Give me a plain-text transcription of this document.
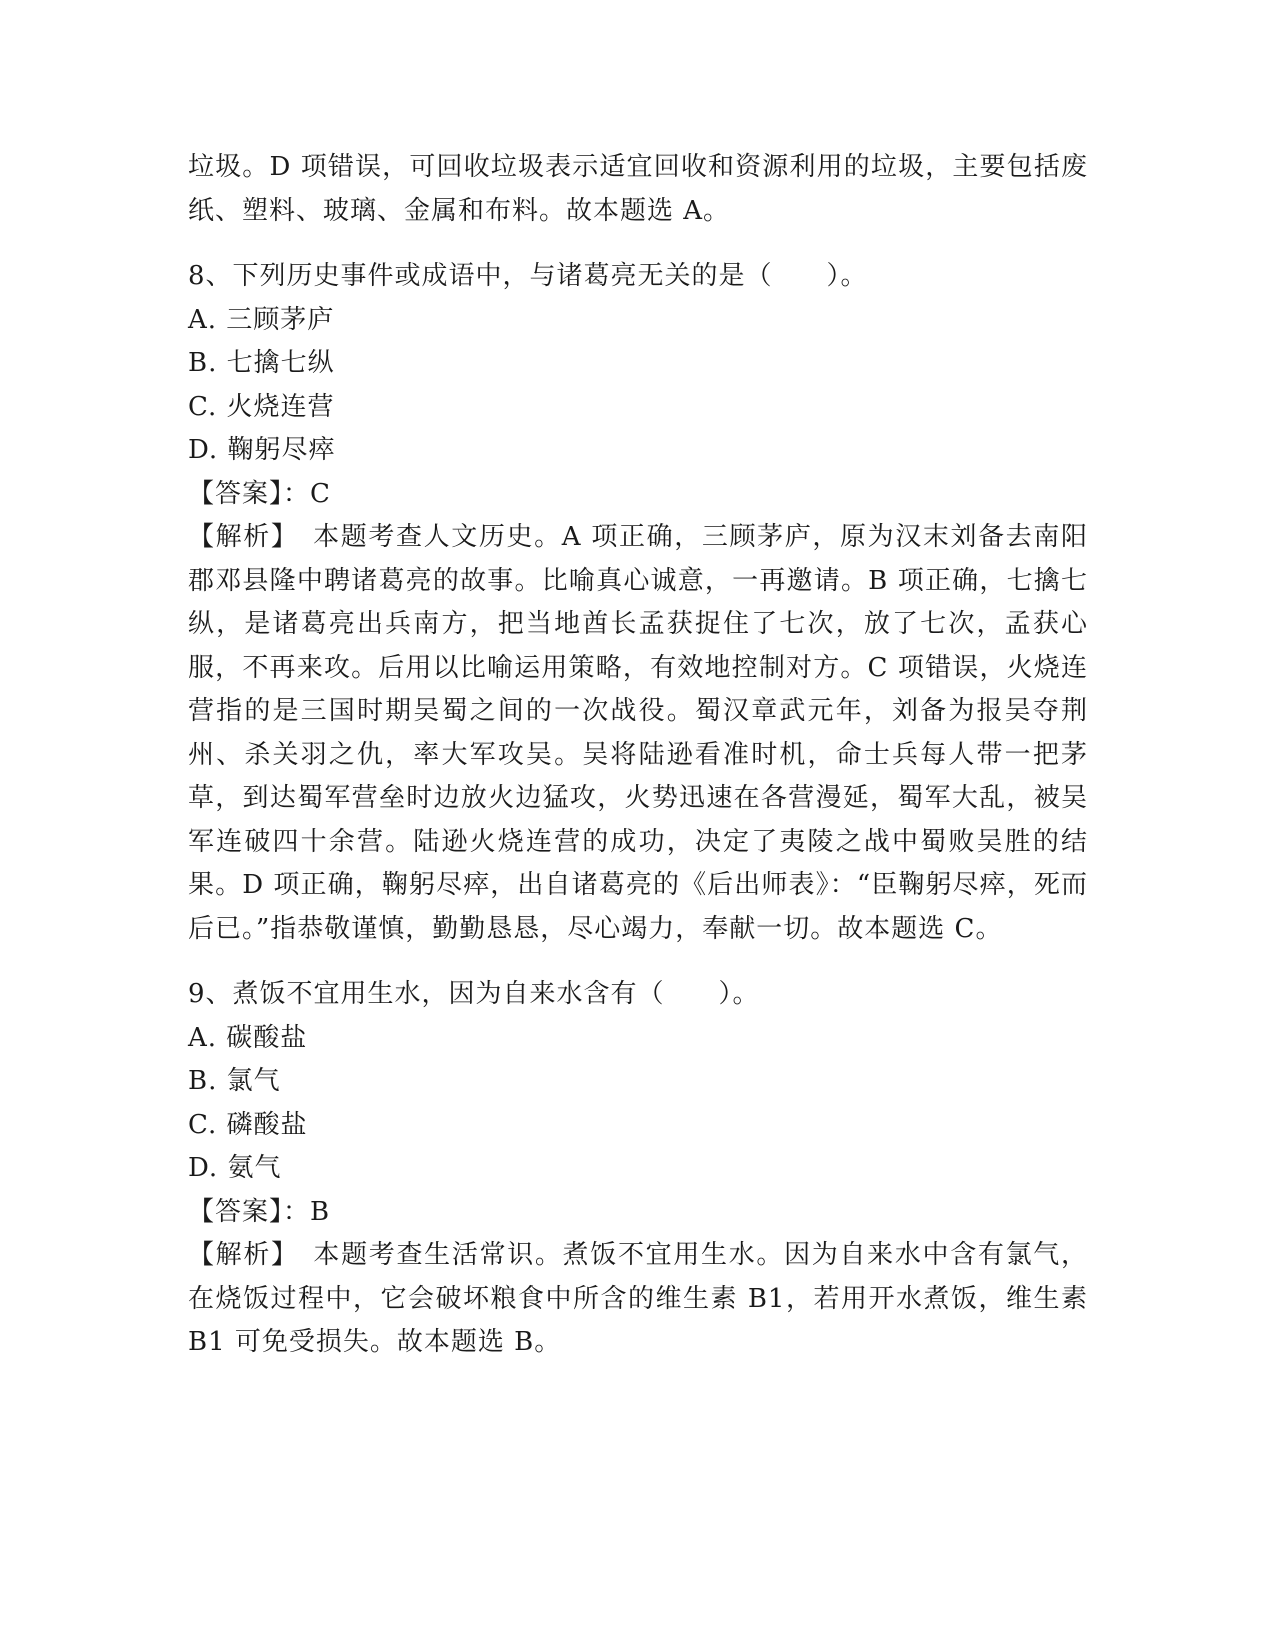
垃圾。D 项错误，可回收垃圾表示适宜回收和资源利用的垃圾，主要包括废纸、塑料、玻璃、金属和布料。故本题选 A。

8、下列历史事件或成语中，与诸葛亮无关的是（　　）。

A. 三顾茅庐

B. 七擒七纵

C. 火烧连营

D. 鞠躬尽瘁

【答案】：C

【解析】　本题考查人文历史。A 项正确，三顾茅庐，原为汉末刘备去南阳郡邓县隆中聘诸葛亮的故事。比喻真心诚意，一再邀请。B 项正确，七擒七纵，是诸葛亮出兵南方，把当地酋长孟获捉住了七次，放了七次，孟获心服，不再来攻。后用以比喻运用策略，有效地控制对方。C 项错误，火烧连营指的是三国时期吴蜀之间的一次战役。蜀汉章武元年，刘备为报吴夺荆州、杀关羽之仇，率大军攻吴。吴将陆逊看准时机，命士兵每人带一把茅草，到达蜀军营垒时边放火边猛攻，火势迅速在各营漫延，蜀军大乱，被吴军连破四十余营。陆逊火烧连营的成功，决定了夷陵之战中蜀败吴胜的结果。D 项正确，鞠躬尽瘁，出自诸葛亮的《后出师表》：“臣鞠躬尽瘁，死而后已。”指恭敬谨慎，勤勤恳恳，尽心竭力，奉献一切。故本题选 C。

9、煮饭不宜用生水，因为自来水含有（　　）。

A. 碳酸盐

B. 氯气

C. 磷酸盐

D. 氨气

【答案】：B

【解析】　本题考查生活常识。煮饭不宜用生水。因为自来水中含有氯气，在烧饭过程中，它会破坏粮食中所含的维生素 B1，若用开水煮饭，维生素 B1 可免受损失。故本题选 B。
